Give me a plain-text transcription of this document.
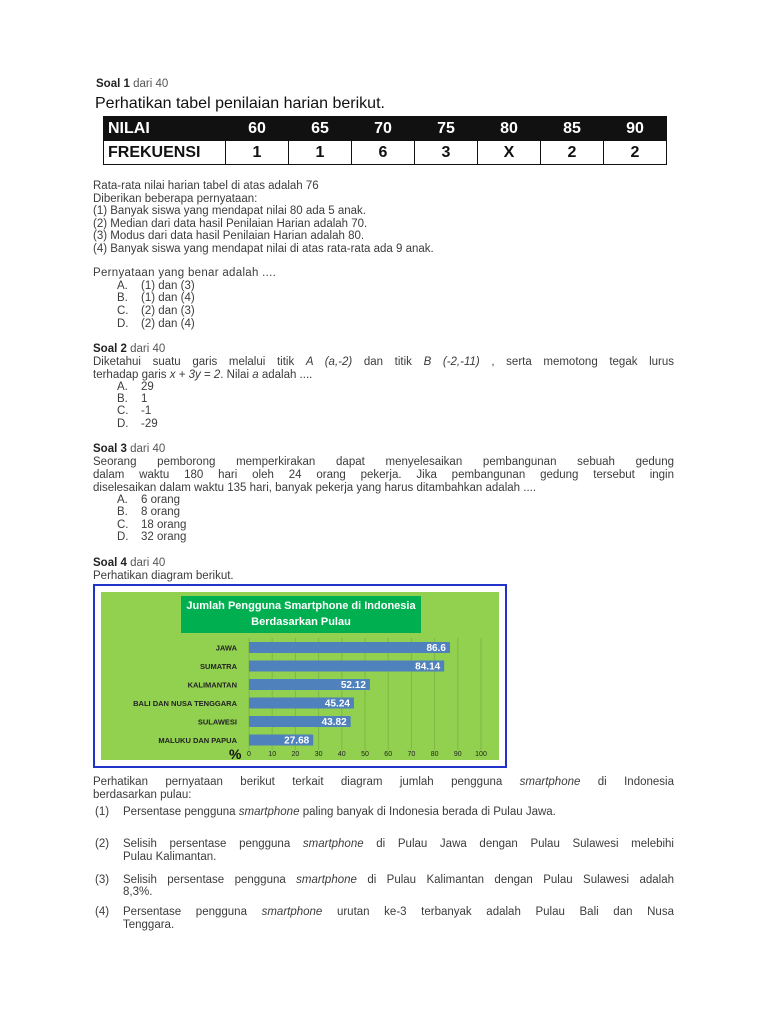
Soal 1 dari 40
Perhatikan tabel penilaian harian berikut.
NILAI	60	65	70	75	80	85	90
FREKUENSI	1	1	6	3	X	2	2
Rata-rata nilai harian tabel di atas adalah 76
Diberikan beberapa pernyataan:
(1) Banyak siswa yang mendapat nilai 80 ada 5 anak.
(2) Median dari data hasil Penilaian Harian adalah 70.
(3) Modus dari data hasil Penilaian Harian adalah 80.
(4) Banyak siswa yang mendapat nilai di atas rata-rata ada 9 anak.
Pernyataan yang benar adalah ....
A. (1) dan (3)
B. (1) dan (4)
C. (2) dan (3)
D. (2) dan (4)
Soal 2 dari 40
Diketahui suatu garis melalui titik A (a,-2) dan titik B (-2,-11) , serta memotong tegak lurus
terhadap garis x + 3y = 2. Nilai a adalah ....
A. 29
B. 1
C. -1
D. -29
Soal 3 dari 40
Seorang pemborong memperkirakan dapat menyelesaikan pembangunan sebuah gedung
dalam waktu 180 hari oleh 24 orang pekerja. Jika pembangunan gedung tersebut ingin
diselesaikan dalam waktu 135 hari, banyak pekerja yang harus ditambahkan adalah ....
A. 6 orang
B. 8 orang
C. 18 orang
D. 32 orang
Soal 4 dari 40
Perhatikan diagram berikut.
Jumlah Pengguna Smartphone di Indonesia
Berdasarkan Pulau
0 10 20 30 40 50 60 70 80 90 100
JAWA	86.6
SUMATRA	84.14
KALIMANTAN	52.12
BALI DAN NUSA TENGGARA	45.24
SULAWESI	43.82
MALUKU DAN PAPUA	27.68
%
Perhatikan pernyataan berikut terkait diagram jumlah pengguna smartphone di Indonesia
berdasarkan pulau:
(1) Persentase pengguna smartphone paling banyak di Indonesia berada di Pulau Jawa.
(2) Selisih persentase pengguna smartphone di Pulau Jawa dengan Pulau Sulawesi melebihi
Pulau Kalimantan.
(3) Selisih persentase pengguna smartphone di Pulau Kalimantan dengan Pulau Sulawesi adalah
8,3%.
(4) Persentase pengguna smartphone urutan ke-3 terbanyak adalah Pulau Bali dan Nusa
Tenggara.
